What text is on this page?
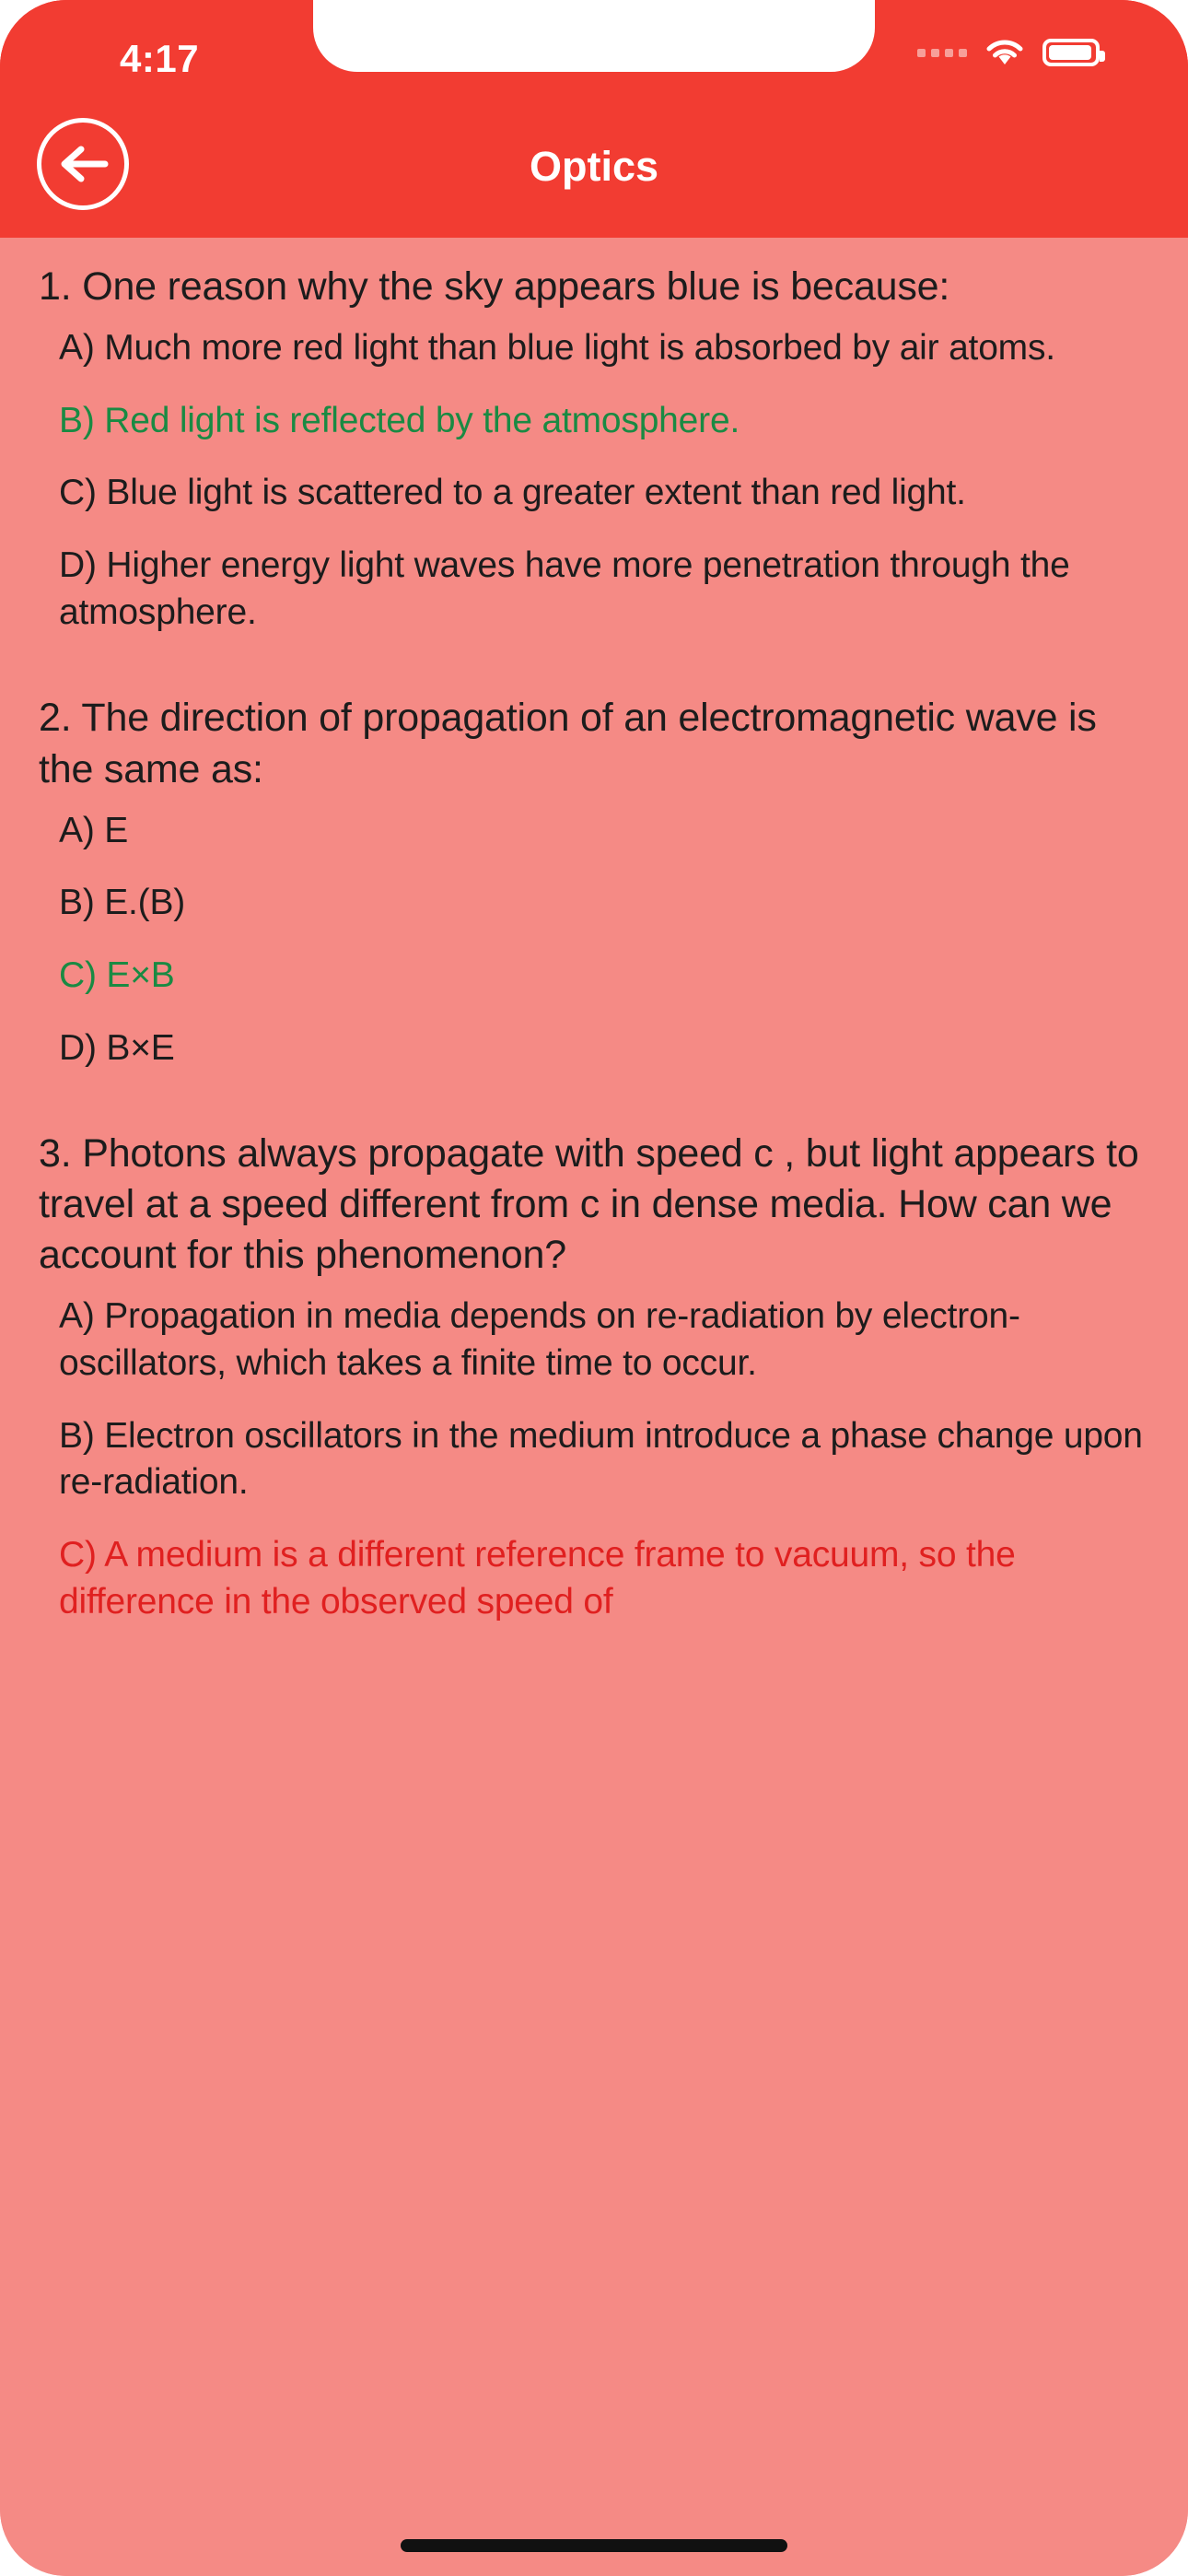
4:17
Optics
1. One reason why the sky appears blue is because:
A) Much more red light than blue light is absorbed by air atoms.
B) Red light is reflected by the atmosphere.
C) Blue light is scattered to a greater extent than red light.
D) Higher energy light waves have more penetration through the atmosphere.
2. The direction of propagation of an electromagnetic wave is the same as:
A) E
B) E.(B)
C) E×B
D) B×E
3. Photons always propagate with speed c , but light appears to travel at a speed different from c in dense media. How can we account for this phenomenon?
A) Propagation in media depends on re-radiation by electron-oscillators, which takes a finite time to occur.
B) Electron oscillators in the medium introduce a phase change upon re-radiation.
C) A medium is a different reference frame to vacuum, so the difference in the observed speed of
